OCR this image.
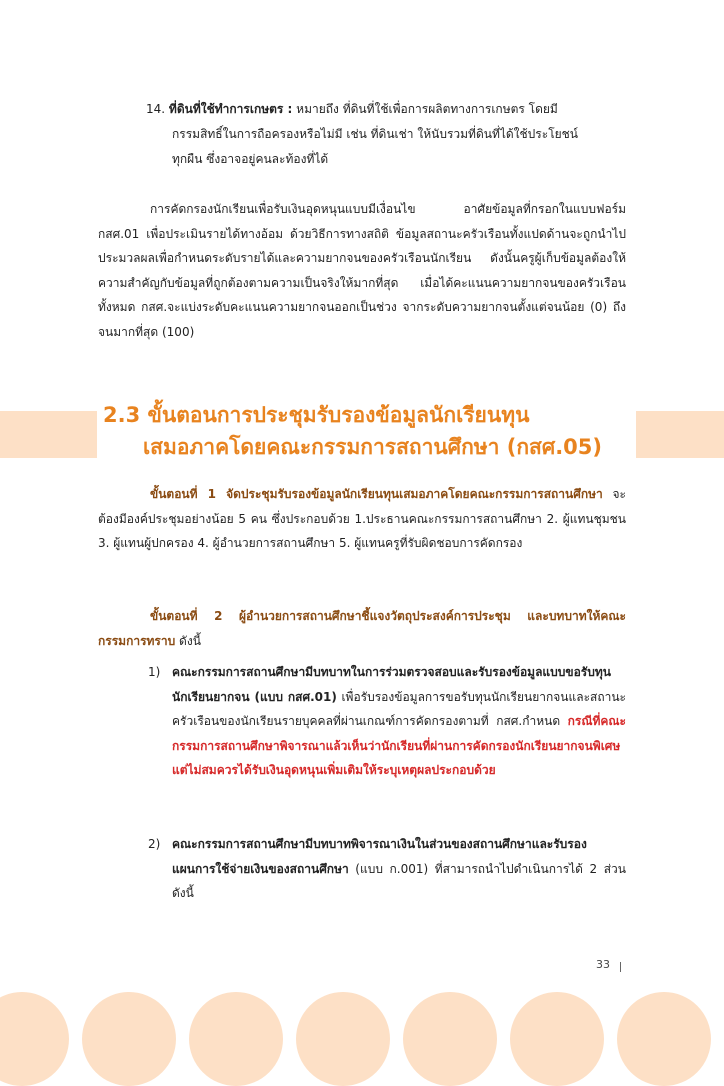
14. ที่ดินที่ใช้ทำการเกษตร : หมายถึง ที่ดินที่ใช้เพื่อการผลิตทางการเกษตร โดยมี
กรรมสิทธิ์ในการถือครองหรือไม่มี เช่น ที่ดินเช่า ให้นับรวมที่ดินที่ได้ใช้ประโยชน์
ทุกผืน ซึ่งอาจอยู่คนละท้องที่ได้

การคัดกรองนักเรียนเพื่อรับเงินอุดหนุนแบบมีเงื่อนไข อาศัยข้อมูลที่กรอกในแบบฟอร์ม กสศ.01 เพื่อประเมินรายได้ทางอ้อม ด้วยวิธีการทางสถิติ ข้อมูลสถานะครัวเรือนทั้งแปดด้านจะถูกนำไปประมวลผลเพื่อกำหนดระดับรายได้และความยากจนของครัวเรือนนักเรียน ดังนั้นครูผู้เก็บข้อมูลต้องให้ความสำคัญกับข้อมูลที่ถูกต้องตามความเป็นจริงให้มากที่สุด เมื่อได้คะแนนความยากจนของครัวเรือนทั้งหมด กสศ.จะแบ่งระดับคะแนนความยากจนออกเป็นช่วง จากระดับความยากจนตั้งแต่จนน้อย (0) ถึง จนมากที่สุด (100)

2.3 ขั้นตอนการประชุมรับรองข้อมูลนักเรียนทุน
เสมอภาคโดยคณะกรรมการสถานศึกษา (กสศ.05)

ขั้นตอนที่ 1 จัดประชุมรับรองข้อมูลนักเรียนทุนเสมอภาคโดยคณะกรรมการสถานศึกษา จะต้องมีองค์ประชุมอย่างน้อย 5 คน ซึ่งประกอบด้วย 1.ประธานคณะกรรมการสถานศึกษา 2. ผู้แทนชุมชน 3. ผู้แทนผู้ปกครอง 4. ผู้อำนวยการสถานศึกษา 5. ผู้แทนครูที่รับผิดชอบการคัดกรอง

ขั้นตอนที่ 2 ผู้อำนวยการสถานศึกษาชี้แจงวัตถุประสงค์การประชุม และบทบาทให้คณะกรรมการทราบ ดังนี้

1) คณะกรรมการสถานศึกษามีบทบาทในการร่วมตรวจสอบและรับรองข้อมูลแบบขอรับทุนนักเรียนยากจน (แบบ กสศ.01) เพื่อรับรองข้อมูลการขอรับทุนนักเรียนยากจนและสถานะครัวเรือนของนักเรียนรายบุคคลที่ผ่านเกณฑ์การคัดกรองตามที่ กสศ.กำหนด กรณีที่คณะกรรมการสถานศึกษาพิจารณาแล้วเห็นว่านักเรียนที่ผ่านการคัดกรองนักเรียนยากจนพิเศษแต่ไม่สมควรได้รับเงินอุดหนุนเพิ่มเติมให้ระบุเหตุผลประกอบด้วย

2) คณะกรรมการสถานศึกษามีบทบาทพิจารณาเงินในส่วนของสถานศึกษาและรับรองแผนการใช้จ่ายเงินของสถานศึกษา (แบบ ก.001) ที่สามารถนำไปดำเนินการได้ 2 ส่วน ดังนี้

33
